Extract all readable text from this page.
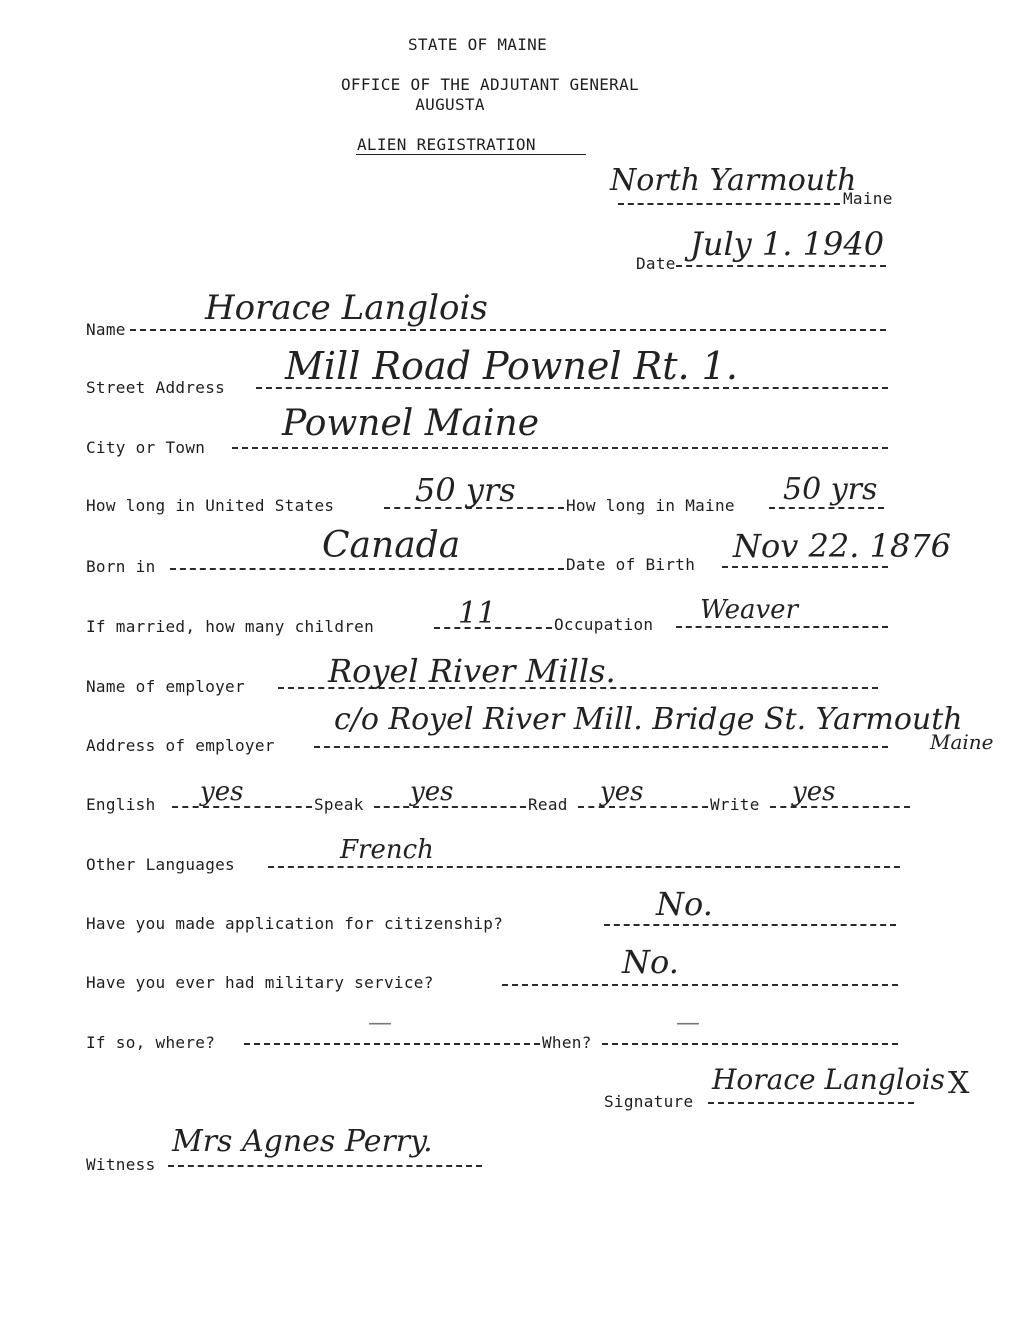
STATE OF MAINE
OFFICE OF THE ADJUTANT GENERAL
AUGUSTA
ALIEN REGISTRATION
North Yarmouth
Maine
Date
July 1. 1940
Name
Horace Langlois
Street Address Mill Road Pownel Rt. 1.
City or Town
Pownel Maine
How long in United States	50 yrs	How long in Maine 50 yrs
Born in
Canada	Date of Birth Nov 22. 1876
If married, how many children	11	Occupation Weaver
Name of employer	Royel River Mills.
Address of employer
c/o Royel River Mill. Bridge St. Yarmouth
Maine
English yes	Speak yes	Read yes	Write yes
Other Languages	French
Have you made application for citizenship?
No.
Have you ever had military service?
No.
If so, where?
—
When?
—
Signature
Horace Langlois X
Witness
Mrs Agnes Perry.
